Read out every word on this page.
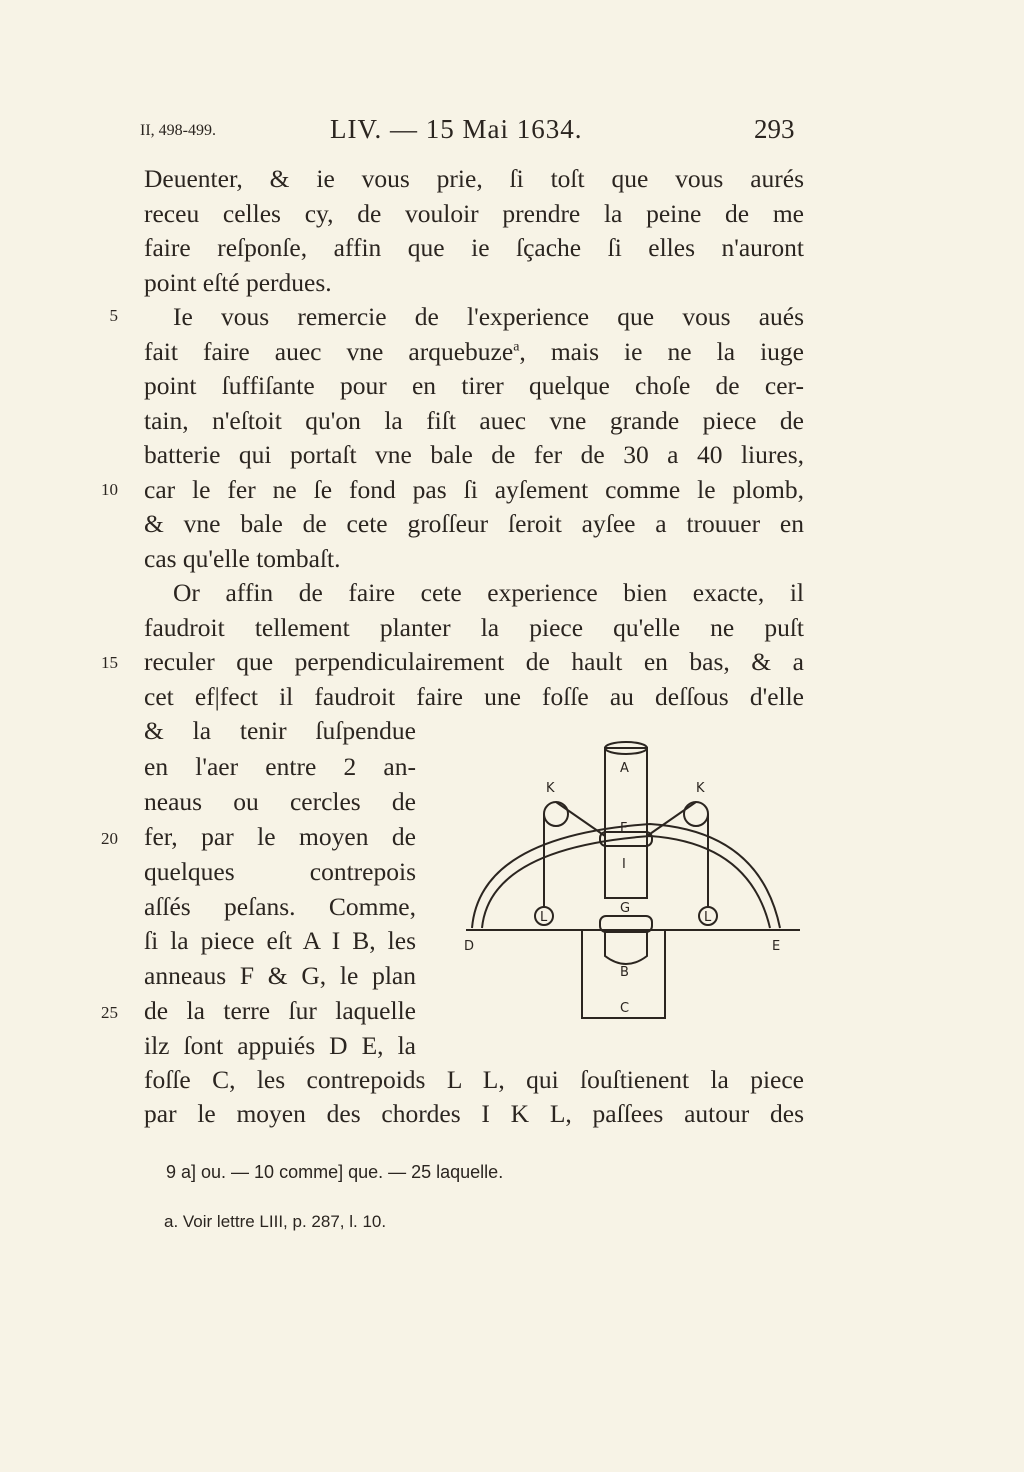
II, 498-499.	LIV. — 15 Mai 1634.	293
Deuenter, & ie vous prie, ſi toſt que vous aurés
receu celles cy, de vouloir prendre la peine de me
faire reſponſe, affin que ie ſçache ſi elles n'auront
point eſté perdues.
Ie vous remercie de l'experience que vous aués
fait faire auec vne arquebuze$^a$, mais ie ne la iuge
point ſuffiſante pour en tirer quelque choſe de cer-
tain, n'eſtoit qu'on la fiſt auec vne grande piece de
batterie qui portaſt vne bale de fer de 30 a 40 liures,
car le fer ne ſe fond pas ſi ayſement comme le plomb,
& vne bale de cete groſſeur ſeroit ayſee a trouuer en
cas qu'elle tombaſt.
Or affin de faire cete experience bien exacte, il
faudroit tellement planter la piece qu'elle ne puſt
reculer que perpendiculairement de hault en bas, & a
cet ef|fect il faudroit faire une foſſe au deſſous d'elle
& la tenir ſuſpendue
en l'aer entre 2 an-
neaus ou cercles de
fer, par le moyen de
quelques contrepois
aſſés peſans. Comme,
ſi la piece eſt A I B, les
anneaus F & G, le plan
de la terre ſur laquelle
ilz ſont appuiés D E, la
foſſe C, les contrepoids L L, qui ſouſtienent la piece
par le moyen des chordes I K L, paſſees autour des
5
10
15
20
25
A
F
I
G
B
C
D	E
K	K
L	L
9 a] ou. — 10 comme] que. — 25 laquelle.
a. Voir lettre LIII, p. 287, l. 10.
